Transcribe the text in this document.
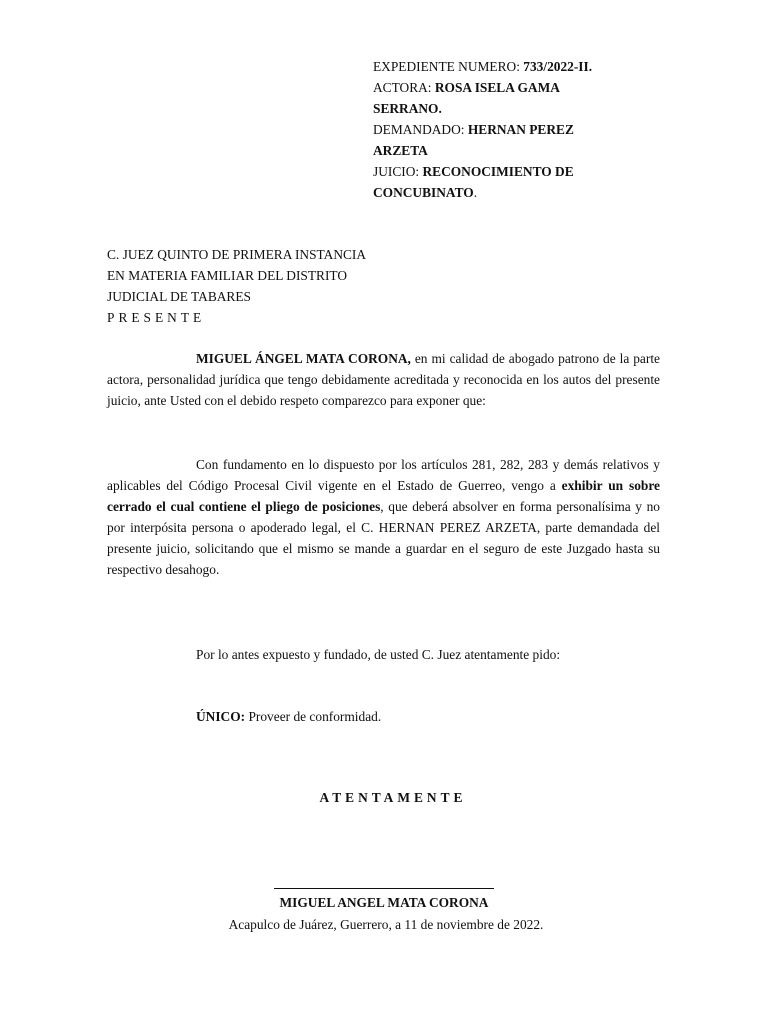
EXPEDIENTE NUMERO: 733/2022-II.
ACTORA: ROSA ISELA GAMA
SERRANO.
DEMANDADO: HERNAN PEREZ
ARZETA
JUICIO: RECONOCIMIENTO DE
CONCUBINATO.
C. JUEZ QUINTO DE PRIMERA INSTANCIA
EN MATERIA FAMILIAR DEL DISTRITO
JUDICIAL DE TABARES
PRESENTE

MIGUEL ÁNGEL MATA CORONA, en mi calidad de abogado patrono de la parte actora, personalidad jurídica que tengo debidamente acreditada y reconocida en los autos del presente juicio, ante Usted con el debido respeto comparezco para exponer que:

Con fundamento en lo dispuesto por los artículos 281, 282, 283 y demás relativos y aplicables del Código Procesal Civil vigente en el Estado de Guerreo, vengo a exhibir un sobre cerrado el cual contiene el pliego de posiciones, que deberá absolver en forma personalísima y no por interpósita persona o apoderado legal, el C. HERNAN PEREZ ARZETA, parte demandada del presente juicio, solicitando que el mismo se mande a guardar en el seguro de este Juzgado hasta su respectivo desahogo.

Por lo antes expuesto y fundado, de usted C. Juez atentamente pido:

ÚNICO: Proveer de conformidad.

ATENTAMENTE
MIGUEL ANGEL MATA CORONA
Acapulco de Juárez, Guerrero, a 11 de noviembre de 2022.
